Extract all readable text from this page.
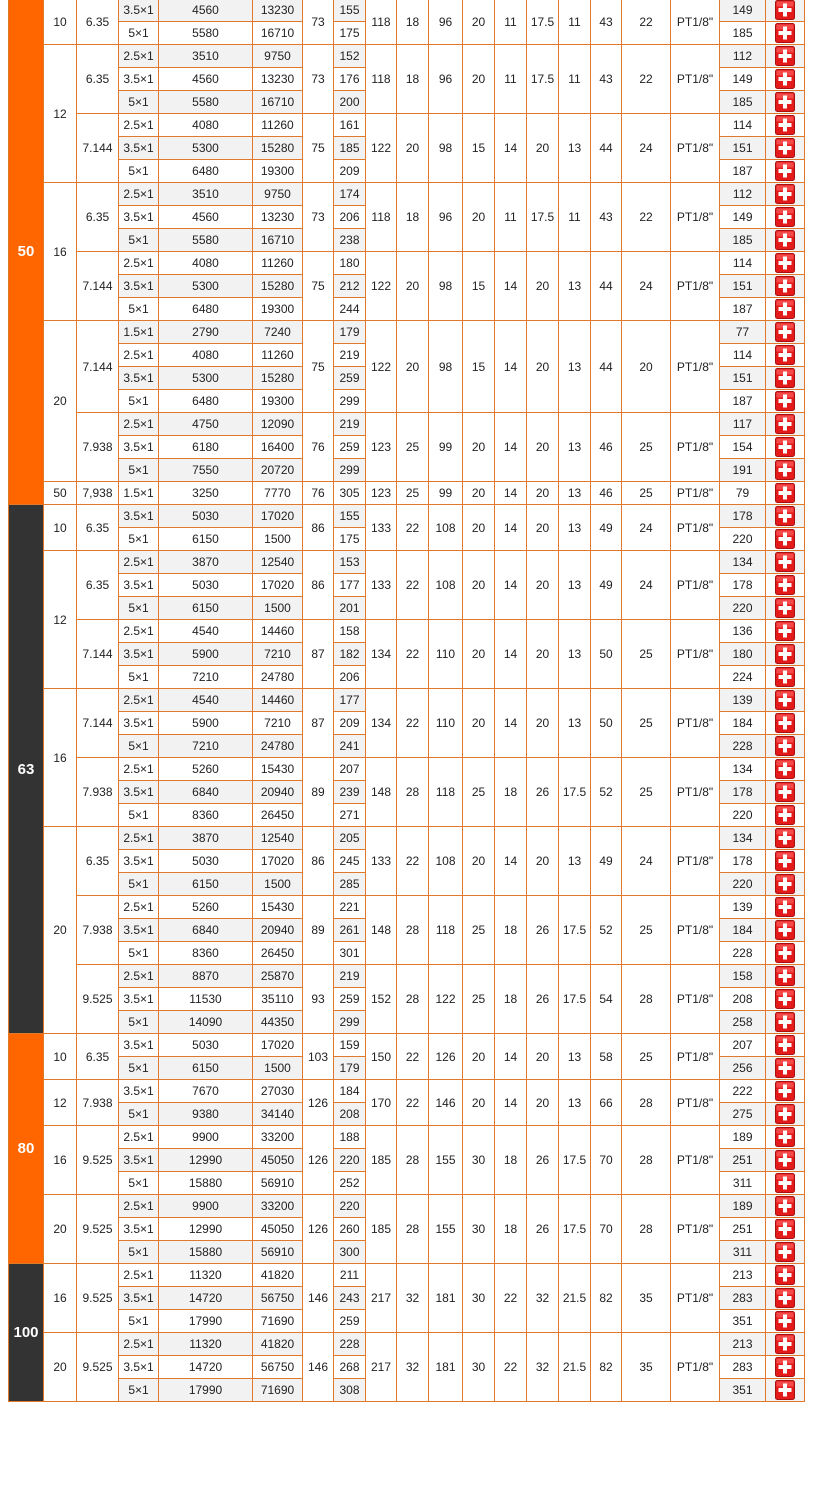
50	10	6.35	3.5×1	4560	13230	73	155	118	18	96	20	11	17.5	11	43	22	PT1/8"	149	
			5×1	5580	16710		175											185	
	12	6.35	2.5×1	3510	9750	73	152	118	18	96	20	11	17.5	11	43	22	PT1/8"	112	
			3.5×1	4560	13230		176											149	
			5×1	5580	16710		200											185	
		7.144	2.5×1	4080	11260	75	161	122	20	98	15	14	20	13	44	24	PT1/8"	114	
			3.5×1	5300	15280		185											151	
			5×1	6480	19300		209											187	
	16	6.35	2.5×1	3510	9750	73	174	118	18	96	20	11	17.5	11	43	22	PT1/8"	112	
			3.5×1	4560	13230		206											149	
			5×1	5580	16710		238											185	
		7.144	2.5×1	4080	11260	75	180	122	20	98	15	14	20	13	44	24	PT1/8"	114	
			3.5×1	5300	15280		212											151	
			5×1	6480	19300		244											187	
	20	7.144	1.5×1	2790	7240	75	179	122	20	98	15	14	20	13	44	20	PT1/8"	77	
			2.5×1	4080	11260		219											114	
			3.5×1	5300	15280		259											151	
			5×1	6480	19300		299											187	
		7.938	2.5×1	4750	12090	76	219	123	25	99	20	14	20	13	46	25	PT1/8"	117	
			3.5×1	6180	16400		259											154	
			5×1	7550	20720		299											191	
	50	7,938	1.5×1	3250	7770	76	305	123	25	99	20	14	20	13	46	25	PT1/8"	79	
63	10	6.35	3.5×1	5030	17020	86	155	133	22	108	20	14	20	13	49	24	PT1/8"	178	
			5×1	6150	1500		175											220	
	12	6.35	2.5×1	3870	12540	86	153	133	22	108	20	14	20	13	49	24	PT1/8"	134	
			3.5×1	5030	17020		177											178	
			5×1	6150	1500		201											220	
		7.144	2.5×1	4540	14460	87	158	134	22	110	20	14	20	13	50	25	PT1/8"	136	
			3.5×1	5900	7210		182											180	
			5×1	7210	24780		206											224	
	16	7.144	2.5×1	4540	14460	87	177	134	22	110	20	14	20	13	50	25	PT1/8"	139	
			3.5×1	5900	7210		209											184	
			5×1	7210	24780		241											228	
		7.938	2.5×1	5260	15430	89	207	148	28	118	25	18	26	17.5	52	25	PT1/8"	134	
			3.5×1	6840	20940		239											178	
			5×1	8360	26450		271											220	
	20	6.35	2.5×1	3870	12540	86	205	133	22	108	20	14	20	13	49	24	PT1/8"	134	
			3.5×1	5030	17020		245											178	
			5×1	6150	1500		285											220	
		7.938	2.5×1	5260	15430	89	221	148	28	118	25	18	26	17.5	52	25	PT1/8"	139	
			3.5×1	6840	20940		261											184	
			5×1	8360	26450		301											228	
		9.525	2.5×1	8870	25870	93	219	152	28	122	25	18	26	17.5	54	28	PT1/8"	158	
			3.5×1	11530	35110		259											208	
			5×1	14090	44350		299											258	
80	10	6.35	3.5×1	5030	17020	103	159	150	22	126	20	14	20	13	58	25	PT1/8"	207	
			5×1	6150	1500		179											256	
	12	7.938	3.5×1	7670	27030	126	184	170	22	146	20	14	20	13	66	28	PT1/8"	222	
			5×1	9380	34140		208											275	
	16	9.525	2.5×1	9900	33200	126	188	185	28	155	30	18	26	17.5	70	28	PT1/8"	189	
			3.5×1	12990	45050		220											251	
			5×1	15880	56910		252											311	
	20	9.525	2.5×1	9900	33200	126	220	185	28	155	30	18	26	17.5	70	28	PT1/8"	189	
			3.5×1	12990	45050		260											251	
			5×1	15880	56910		300											311	
100	16	9.525	2.5×1	11320	41820	146	211	217	32	181	30	22	32	21.5	82	35	PT1/8"	213	
			3.5×1	14720	56750		243											283	
			5×1	17990	71690		259											351	
	20	9.525	2.5×1	11320	41820	146	228	217	32	181	30	22	32	21.5	82	35	PT1/8"	213	
			3.5×1	14720	56750		268											283	
			5×1	17990	71690		308											351	
